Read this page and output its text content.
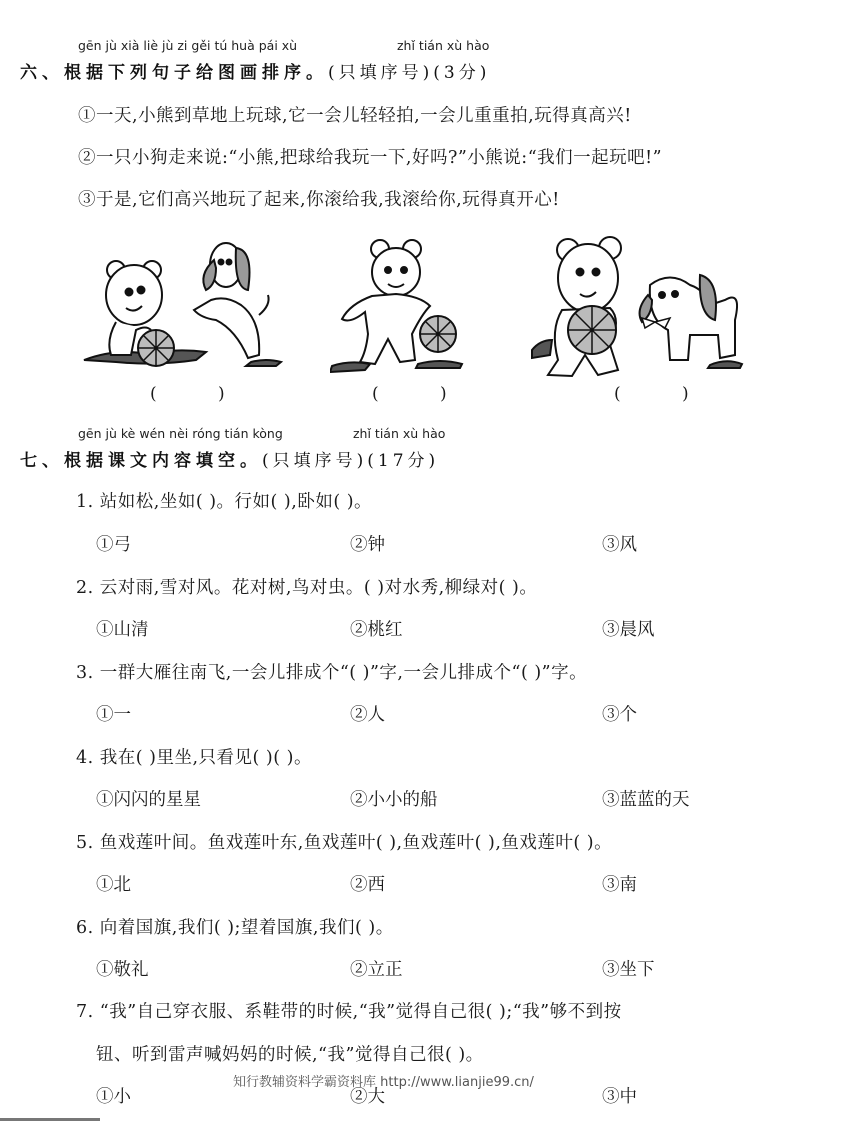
gēn jù xià liè jù zi gěi tú huà pái xù	zhǐ tián xù hào
六、根据下列句子给图画排序。(只填序号)(3分)
①一天,小熊到草地上玩球,它一会儿轻轻拍,一会儿重重拍,玩得真高兴!
②一只小狗走来说:“小熊,把球给我玩一下,好吗?”小熊说:“我们一起玩吧!”
③于是,它们高兴地玩了起来,你滚给我,我滚给你,玩得真开心!
( )	( )	( )
gēn jù kè wén nèi róng tián kòng	zhǐ tián xù hào
七、根据课文内容填空。(只填序号)(17分)
1. 站如松,坐如( )。行如( ),卧如( )。
①弓	②钟	③风
2. 云对雨,雪对风。花对树,鸟对虫。( )对水秀,柳绿对( )。
①山清	②桃红	③晨风
3. 一群大雁往南飞,一会儿排成个“( )”字,一会儿排成个“( )”字。
①一	②人	③个
4. 我在( )里坐,只看见( )( )。
①闪闪的星星	②小小的船	③蓝蓝的天
5. 鱼戏莲叶间。鱼戏莲叶东,鱼戏莲叶( ),鱼戏莲叶( ),鱼戏莲叶( )。
①北	②西	③南
6. 向着国旗,我们( );望着国旗,我们( )。
①敬礼	②立正	③坐下
7. “我”自己穿衣服、系鞋带的时候,“我”觉得自己很( );“我”够不到按
钮、听到雷声喊妈妈的时候,“我”觉得自己很( )。
①小	②大	③中
知行教辅资料学霸资料库 http://www.lianjie99.cn/
